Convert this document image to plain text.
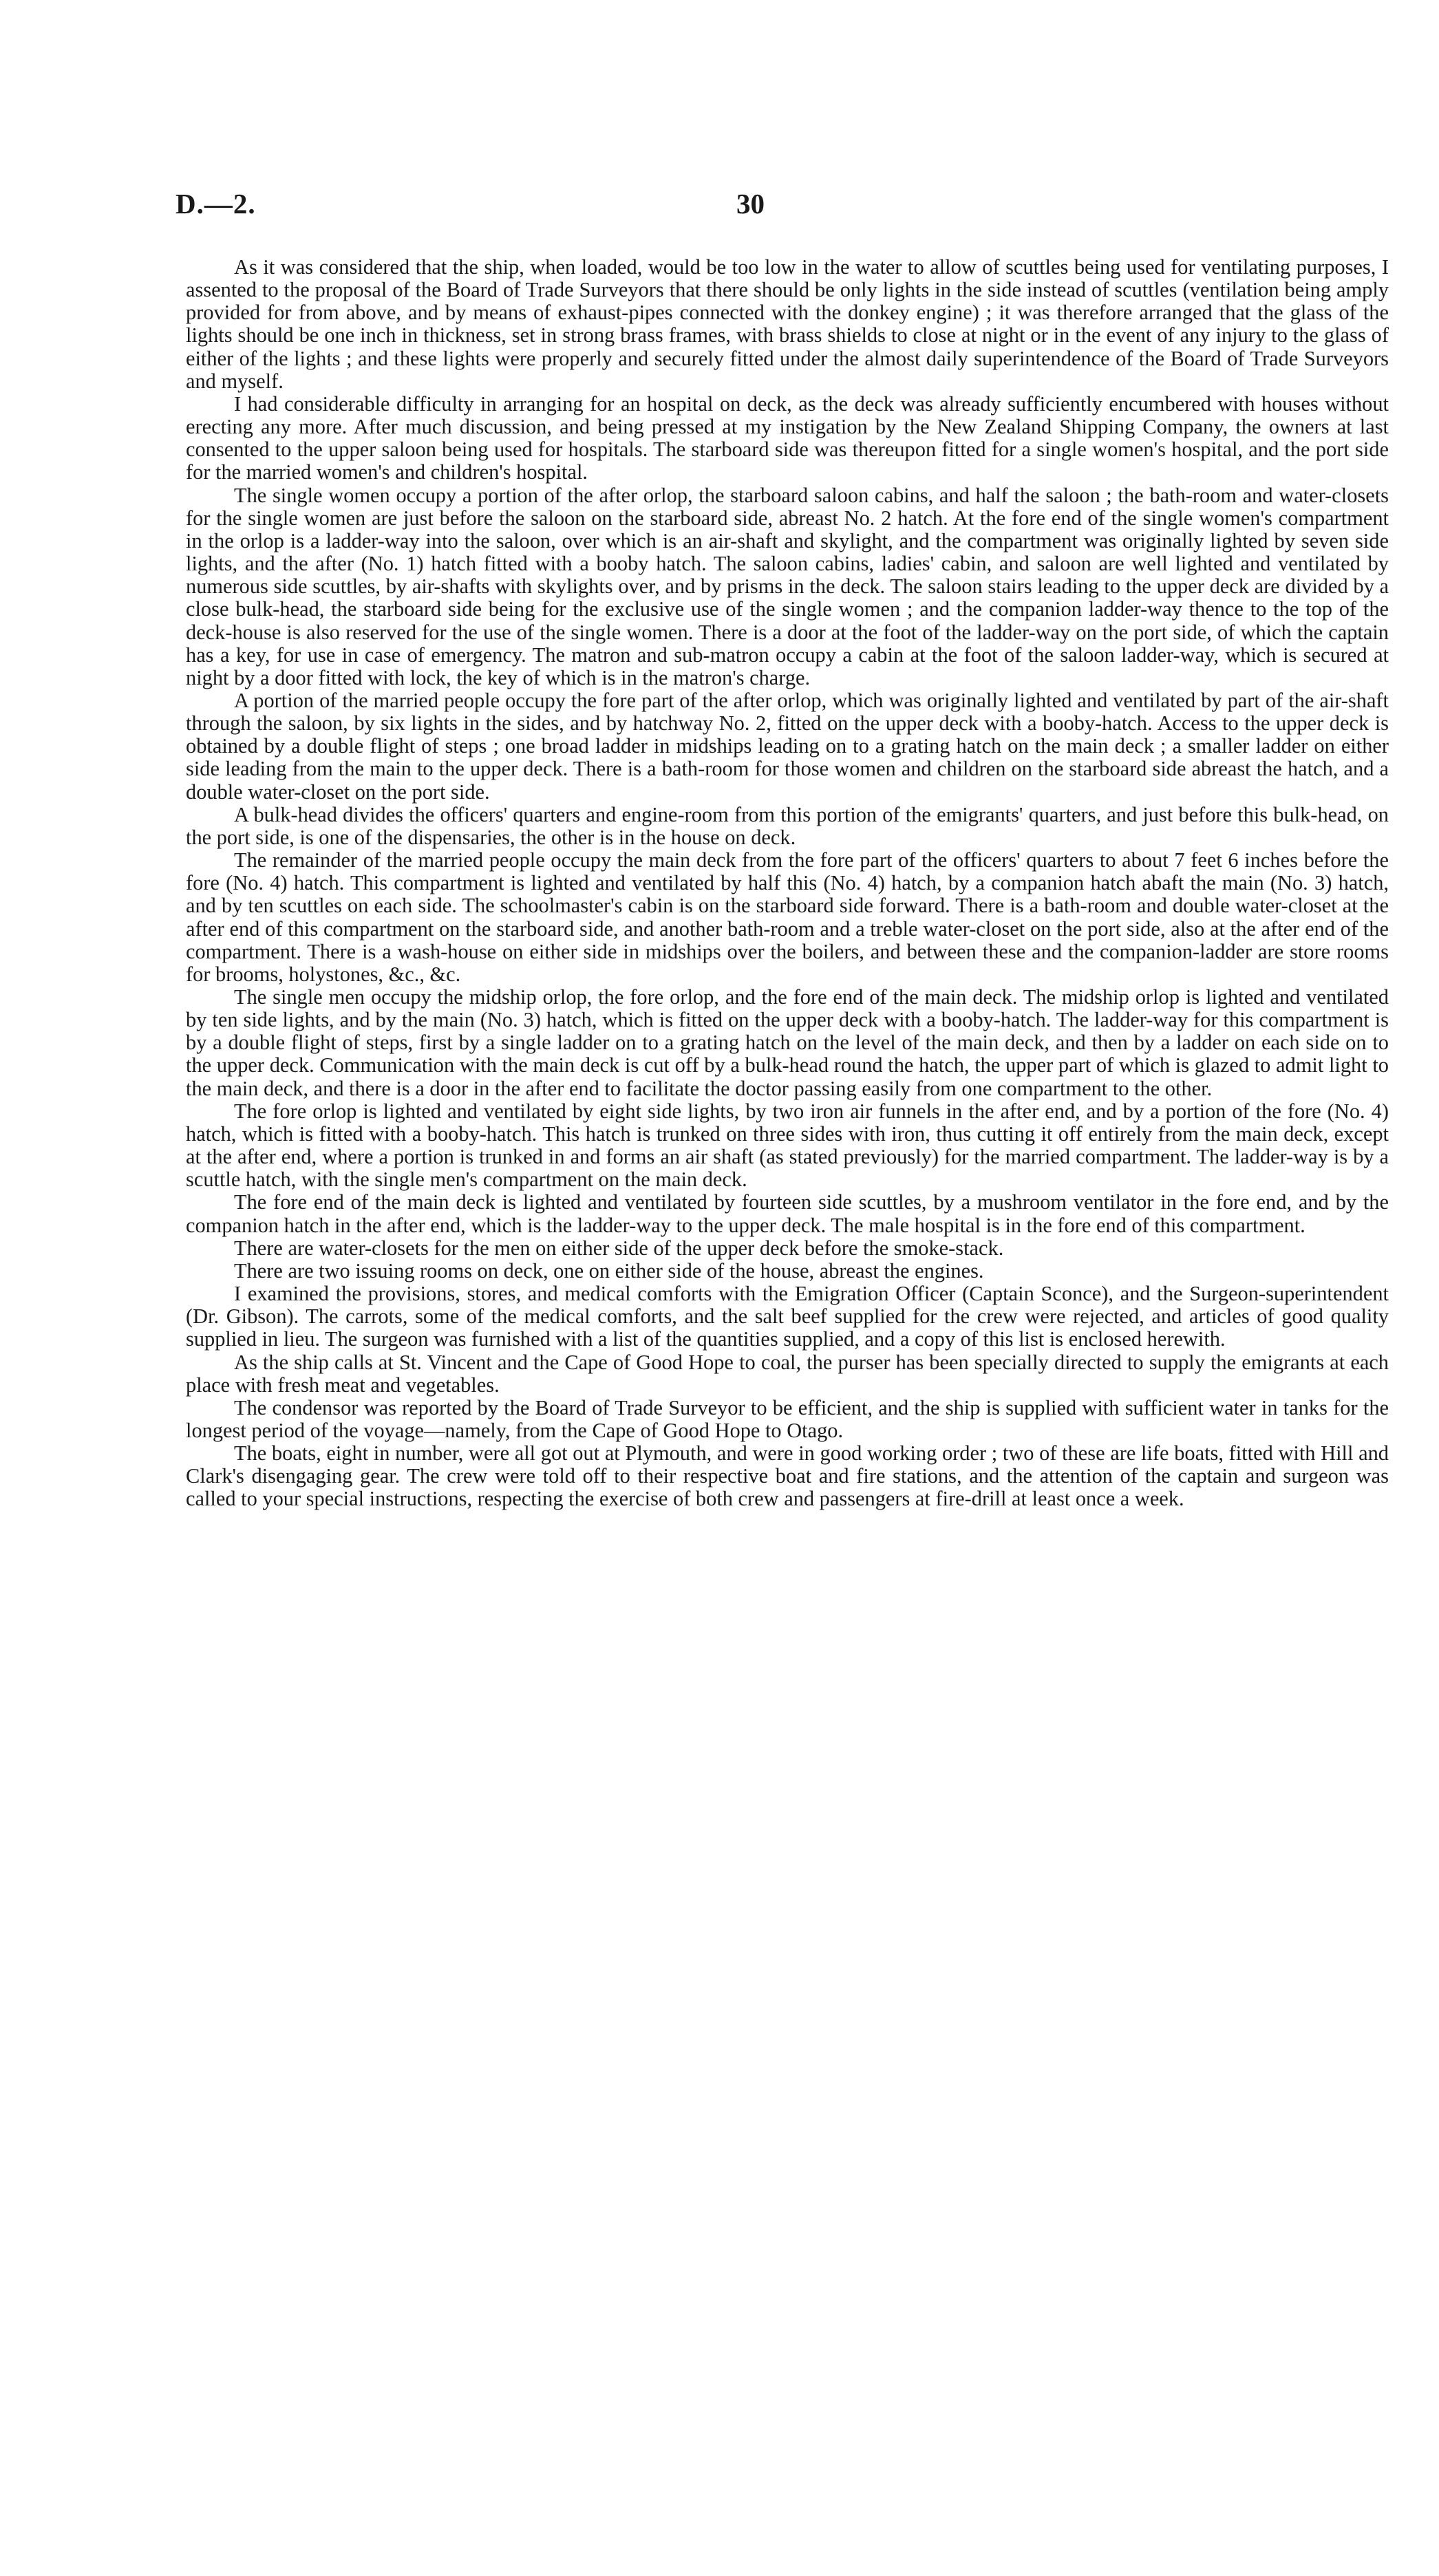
D.—2.	30

As it was considered that the ship, when loaded, would be too low in the water to allow of scuttles being used for ventilating purposes, I assented to the proposal of the Board of Trade Surveyors that there should be only lights in the side instead of scuttles (ventilation being amply provided for from above, and by means of exhaust-pipes connected with the donkey engine) ; it was therefore arranged that the glass of the lights should be one inch in thickness, set in strong brass frames, with brass shields to close at night or in the event of any injury to the glass of either of the lights ; and these lights were properly and securely fitted under the almost daily superintendence of the Board of Trade Surveyors and myself.

I had considerable difficulty in arranging for an hospital on deck, as the deck was already sufficiently encumbered with houses without erecting any more. After much discussion, and being pressed at my instigation by the New Zealand Shipping Company, the owners at last consented to the upper saloon being used for hospitals. The starboard side was thereupon fitted for a single women's hospital, and the port side for the married women's and children's hospital.

The single women occupy a portion of the after orlop, the starboard saloon cabins, and half the saloon ; the bath-room and water-closets for the single women are just before the saloon on the starboard side, abreast No. 2 hatch. At the fore end of the single women's compartment in the orlop is a ladder-way into the saloon, over which is an air-shaft and skylight, and the compartment was originally lighted by seven side lights, and the after (No. 1) hatch fitted with a booby hatch. The saloon cabins, ladies' cabin, and saloon are well lighted and ventilated by numerous side scuttles, by air-shafts with skylights over, and by prisms in the deck. The saloon stairs leading to the upper deck are divided by a close bulk-head, the starboard side being for the exclusive use of the single women ; and the companion ladder-way thence to the top of the deck-house is also reserved for the use of the single women. There is a door at the foot of the ladder-way on the port side, of which the captain has a key, for use in case of emergency. The matron and sub-matron occupy a cabin at the foot of the saloon ladder-way, which is secured at night by a door fitted with lock, the key of which is in the matron's charge.

A portion of the married people occupy the fore part of the after orlop, which was originally lighted and ventilated by part of the air-shaft through the saloon, by six lights in the sides, and by hatchway No. 2, fitted on the upper deck with a booby-hatch. Access to the upper deck is obtained by a double flight of steps ; one broad ladder in midships leading on to a grating hatch on the main deck ; a smaller ladder on either side leading from the main to the upper deck. There is a bath-room for those women and children on the starboard side abreast the hatch, and a double water-closet on the port side.

A bulk-head divides the officers' quarters and engine-room from this portion of the emigrants' quarters, and just before this bulk-head, on the port side, is one of the dispensaries, the other is in the house on deck.

The remainder of the married people occupy the main deck from the fore part of the officers' quarters to about 7 feet 6 inches before the fore (No. 4) hatch. This compartment is lighted and ventilated by half this (No. 4) hatch, by a companion hatch abaft the main (No. 3) hatch, and by ten scuttles on each side. The schoolmaster's cabin is on the starboard side forward. There is a bath-room and double water-closet at the after end of this compartment on the starboard side, and another bath-room and a treble water-closet on the port side, also at the after end of the compartment. There is a wash-house on either side in midships over the boilers, and between these and the companion-ladder are store rooms for brooms, holystones, &c., &c.

The single men occupy the midship orlop, the fore orlop, and the fore end of the main deck. The midship orlop is lighted and ventilated by ten side lights, and by the main (No. 3) hatch, which is fitted on the upper deck with a booby-hatch. The ladder-way for this compartment is by a double flight of steps, first by a single ladder on to a grating hatch on the level of the main deck, and then by a ladder on each side on to the upper deck. Communication with the main deck is cut off by a bulk-head round the hatch, the upper part of which is glazed to admit light to the main deck, and there is a door in the after end to facilitate the doctor passing easily from one compartment to the other.

The fore orlop is lighted and ventilated by eight side lights, by two iron air funnels in the after end, and by a portion of the fore (No. 4) hatch, which is fitted with a booby-hatch. This hatch is trunked on three sides with iron, thus cutting it off entirely from the main deck, except at the after end, where a portion is trunked in and forms an air shaft (as stated previously) for the married compartment. The ladder-way is by a scuttle hatch, with the single men's compartment on the main deck.

The fore end of the main deck is lighted and ventilated by fourteen side scuttles, by a mushroom ventilator in the fore end, and by the companion hatch in the after end, which is the ladder-way to the upper deck. The male hospital is in the fore end of this compartment.

There are water-closets for the men on either side of the upper deck before the smoke-stack.

There are two issuing rooms on deck, one on either side of the house, abreast the engines.

I examined the provisions, stores, and medical comforts with the Emigration Officer (Captain Sconce), and the Surgeon-superintendent (Dr. Gibson). The carrots, some of the medical comforts, and the salt beef supplied for the crew were rejected, and articles of good quality supplied in lieu. The surgeon was furnished with a list of the quantities supplied, and a copy of this list is enclosed herewith.

As the ship calls at St. Vincent and the Cape of Good Hope to coal, the purser has been specially directed to supply the emigrants at each place with fresh meat and vegetables.

The condensor was reported by the Board of Trade Surveyor to be efficient, and the ship is supplied with sufficient water in tanks for the longest period of the voyage—namely, from the Cape of Good Hope to Otago.

The boats, eight in number, were all got out at Plymouth, and were in good working order ; two of these are life boats, fitted with Hill and Clark's disengaging gear. The crew were told off to their respective boat and fire stations, and the attention of the captain and surgeon was called to your special instructions, respecting the exercise of both crew and passengers at fire-drill at least once a week.
